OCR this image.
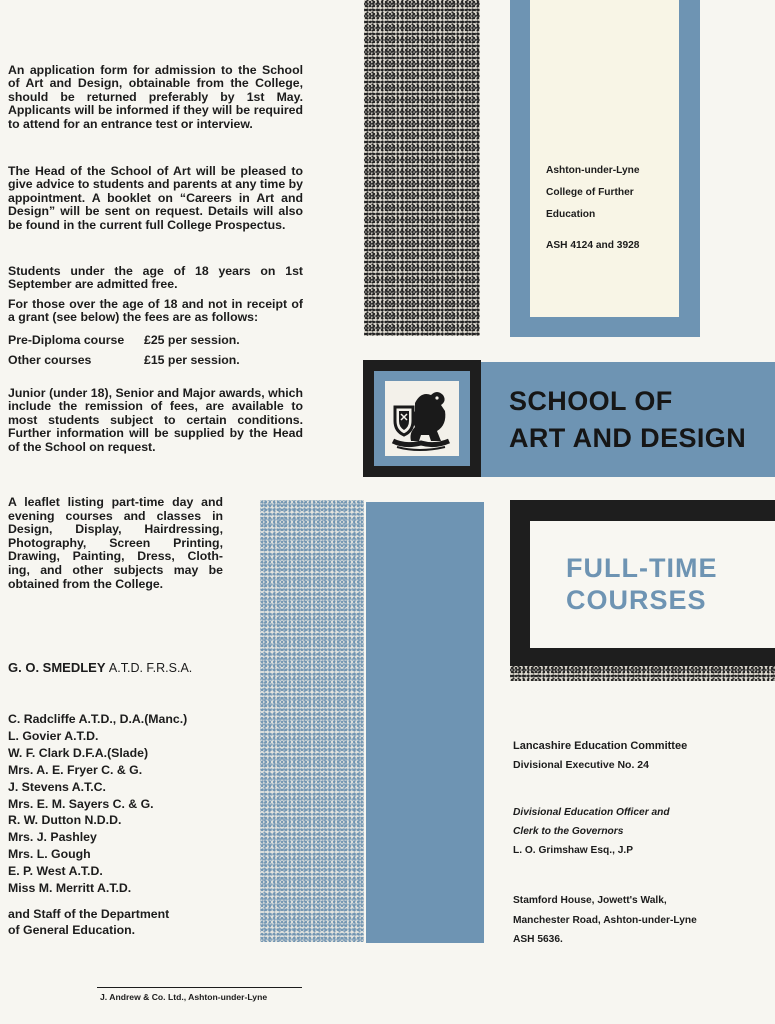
An application form for admission to the School of Art and Design, obtainable from the College, should be returned preferably by 1st May. Applicants will be informed if they will be required to attend for an entrance test or interview.

The Head of the School of Art will be pleased to give advice to students and parents at any time by appointment. A booklet on “Careers in Art and Design” will be sent on request. Details will also be found in the current full College Prospectus.

Students under the age of 18 years on 1st September are admitted free.

For those over the age of 18 and not in receipt of a grant (see below) the fees are as follows:

Pre-Diploma course £25 per session.
Other courses	£15 per session.

Junior (under 18), Senior and Major awards, which include the remission of fees, are available to most students subject to certain conditions. Further information will be supplied by the Head of the School on request.

A leaflet listing part-time day and
evening courses and classes in
Design, Display, Hairdressing,
Photography, Screen Printing,
Drawing, Painting, Dress, Cloth-
ing, and other subjects may be
obtained from the College.
G. O. SMEDLEY A.T.D. F.R.S.A.
C. Radcliffe A.T.D., D.A.(Manc.)
L. Govier A.T.D.
W. F. Clark D.F.A.(Slade)
Mrs. A. E. Fryer C. & G.
J. Stevens A.T.C.
Mrs. E. M. Sayers C. & G.
R. W. Dutton N.D.D.
Mrs. J. Pashley
Mrs. L. Gough
E. P. West A.T.D.
Miss M. Merritt A.T.D.
and Staff of the Department
of General Education.
J. Andrew & Co. Ltd., Ashton-under-Lyne
Ashton-under-Lyne
College of Further
Education
ASH 4124 and 3928
SCHOOL OF
ART AND DESIGN
FULL-TIME
COURSES
Lancashire Education Committee
Divisional Executive No. 24
Divisional Education Officer and
Clerk to the Governors
L. O. Grimshaw Esq., J.P
Stamford House, Jowett's Walk,
Manchester Road, Ashton-under-Lyne
ASH 5636.
